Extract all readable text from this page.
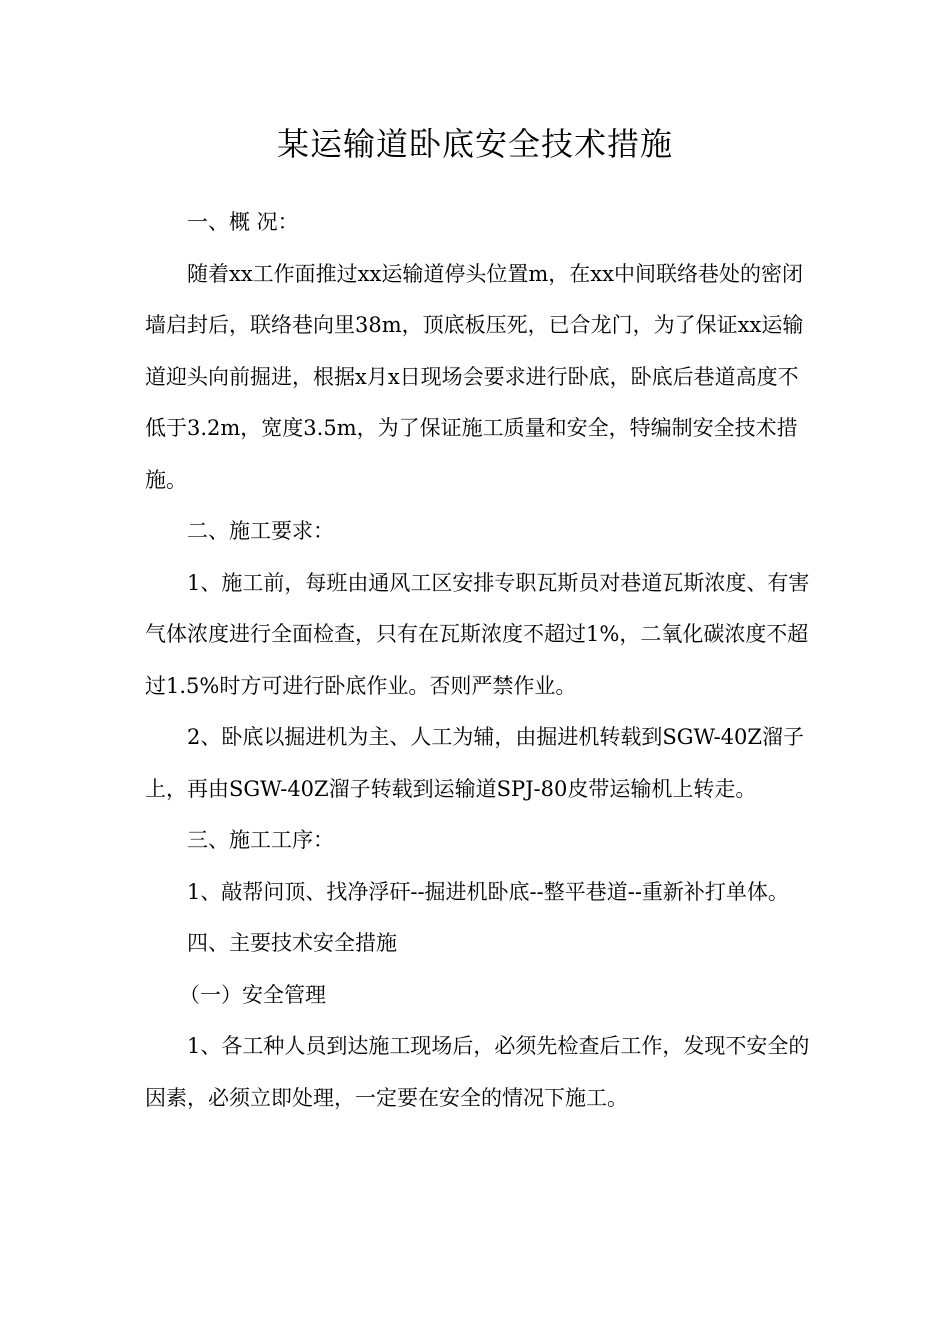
某运输道卧底安全技术措施

一、概 况：

随着xx工作面推过xx运输道停头位置m，在xx中间联络巷处的密闭墙启封后，联络巷向里38m，顶底板压死，已合龙门，为了保证xx运输道迎头向前掘进，根据x月x日现场会要求进行卧底，卧底后巷道高度不低于3.2m，宽度3.5m，为了保证施工质量和安全，特编制安全技术措施。

二、施工要求：

1、施工前，每班由通风工区安排专职瓦斯员对巷道瓦斯浓度、有害气体浓度进行全面检查，只有在瓦斯浓度不超过1%，二氧化碳浓度不超过1.5%时方可进行卧底作业。否则严禁作业。

2、卧底以掘进机为主、人工为辅，由掘进机转载到SGW-40Z溜子上，再由SGW-40Z溜子转载到运输道SPJ-80皮带运输机上转走。

三、施工工序：

1、敲帮问顶、找净浮矸--掘进机卧底--整平巷道--重新补打单体。

四、主要技术安全措施

（一）安全管理

1、各工种人员到达施工现场后，必须先检查后工作，发现不安全的因素，必须立即处理，一定要在安全的情况下施工。
